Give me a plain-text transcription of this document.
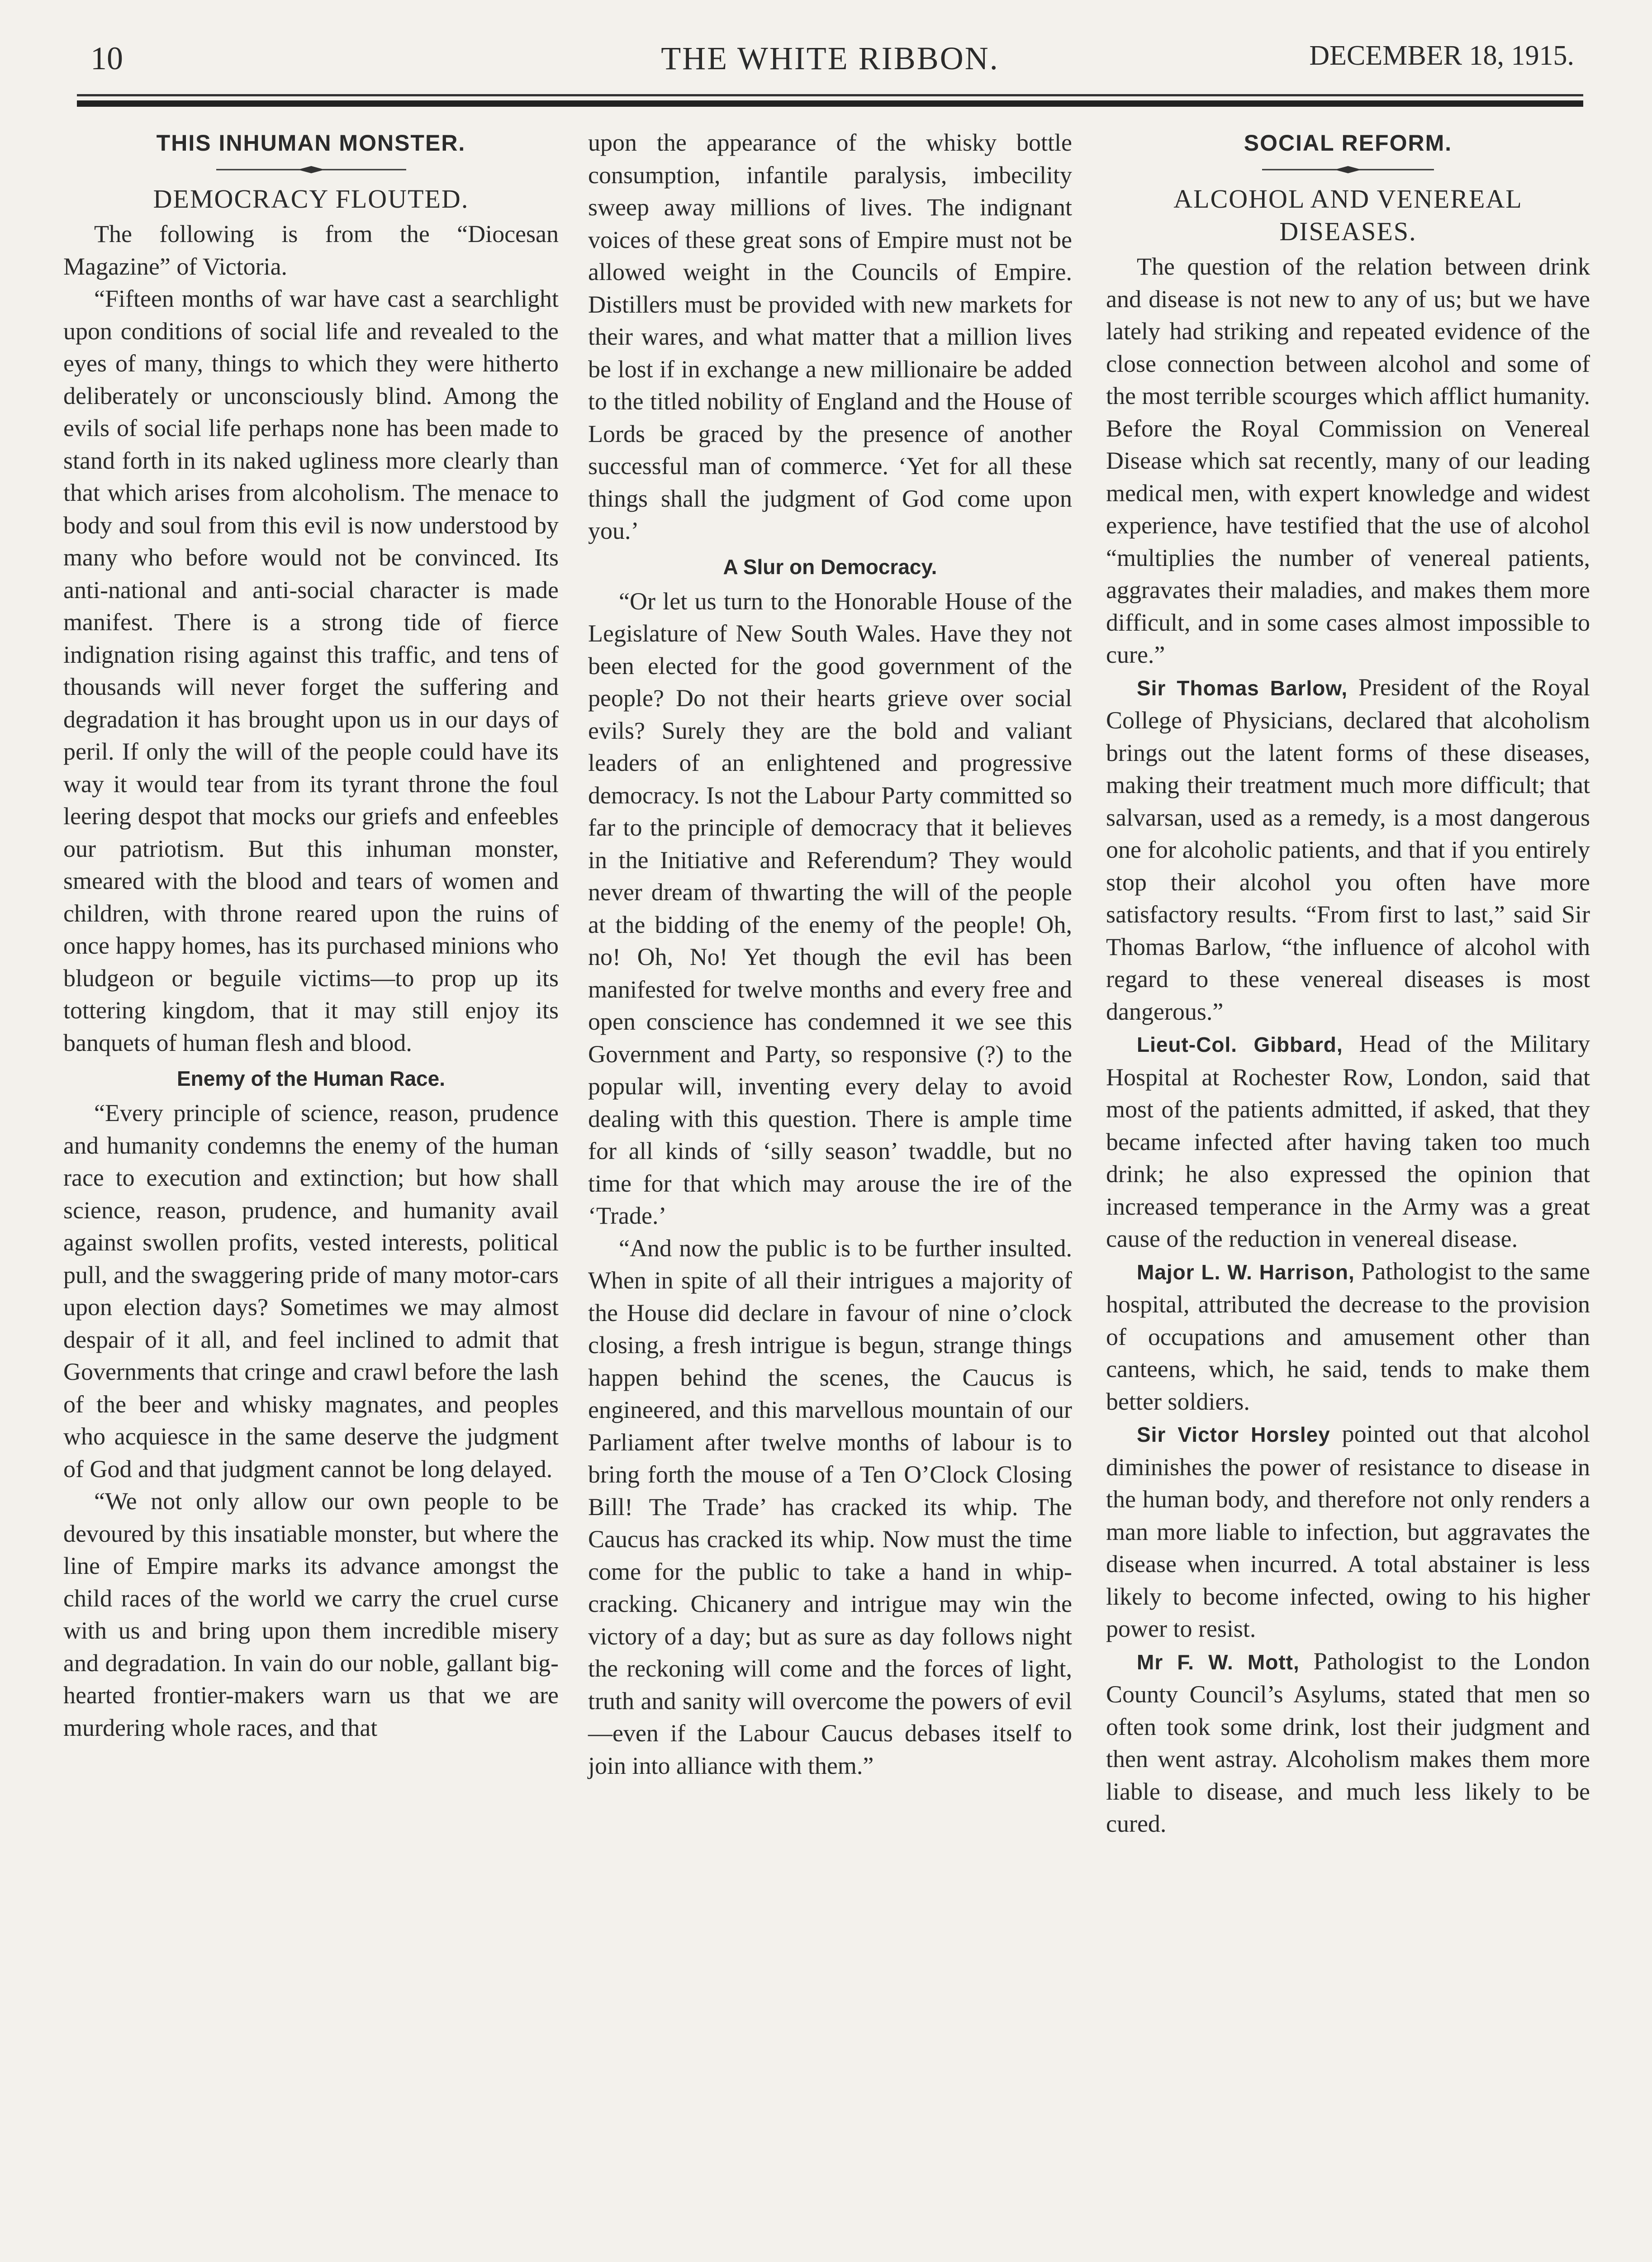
10	THE WHITE RIBBON.	DECEMBER 18, 1915.
THIS INHUMAN MONSTER.
DEMOCRACY FLOUTED.

The following is from the “Diocesan Magazine” of Victoria.

“Fifteen months of war have cast a searchlight upon conditions of social life and revealed to the eyes of many, things to which they were hitherto deliberately or unconsciously blind. Among the evils of social life perhaps none has been made to stand forth in its naked ugliness more clearly than that which arises from alcoholism. The menace to body and soul from this evil is now understood by many who before would not be convinced. Its anti-national and anti-social character is made manifest. There is a strong tide of fierce indignation rising against this traffic, and tens of thousands will never forget the suffering and degradation it has brought upon us in our days of peril. If only the will of the people could have its way it would tear from its tyrant throne the foul leering despot that mocks our griefs and enfeebles our patriotism. But this inhuman monster, smeared with the blood and tears of women and children, with throne reared upon the ruins of once happy homes, has its purchased minions who bludgeon or beguile victims—to prop up its tottering kingdom, that it may still enjoy its banquets of human flesh and blood.

Enemy of the Human Race.

“Every principle of science, reason, prudence and humanity condemns the enemy of the human race to execution and extinction; but how shall science, reason, prudence, and humanity avail against swollen profits, vested interests, political pull, and the swaggering pride of many motor-cars upon election days? Sometimes we may almost despair of it all, and feel inclined to admit that Governments that cringe and crawl before the lash of the beer and whisky magnates, and peoples who acquiesce in the same deserve the judgment of God and that judgment cannot be long delayed.

“We not only allow our own people to be devoured by this insatiable monster, but where the line of Empire marks its advance amongst the child races of the world we carry the cruel curse with us and bring upon them incredible misery and degradation. In vain do our noble, gallant big-hearted frontier-makers warn us that we are murdering whole races, and that

upon the appearance of the whisky bottle consumption, infantile paralysis, imbecility sweep away millions of lives. The indignant voices of these great sons of Empire must not be allowed weight in the Councils of Empire. Distillers must be provided with new markets for their wares, and what matter that a million lives be lost if in exchange a new millionaire be added to the titled nobility of England and the House of Lords be graced by the presence of another successful man of commerce. ‘Yet for all these things shall the judgment of God come upon you.’

A Slur on Democracy.

“Or let us turn to the Honorable House of the Legislature of New South Wales. Have they not been elected for the good government of the people? Do not their hearts grieve over social evils? Surely they are the bold and valiant leaders of an enlightened and progressive democracy. Is not the Labour Party committed so far to the principle of democracy that it believes in the Initiative and Referendum? They would never dream of thwarting the will of the people at the bidding of the enemy of the people! Oh, no! Oh, No! Yet though the evil has been manifested for twelve months and every free and open conscience has condemned it we see this Government and Party, so responsive (?) to the popular will, inventing every delay to avoid dealing with this question. There is ample time for all kinds of ‘silly season’ twaddle, but no time for that which may arouse the ire of the ‘Trade.’

“And now the public is to be further insulted. When in spite of all their intrigues a majority of the House did declare in favour of nine o’clock closing, a fresh intrigue is begun, strange things happen behind the scenes, the Caucus is engineered, and this marvellous mountain of our Parliament after twelve months of labour is to bring forth the mouse of a Ten O’Clock Closing Bill! The Trade’ has cracked its whip. The Caucus has cracked its whip. Now must the time come for the public to take a hand in whip-cracking. Chicanery and intrigue may win the victory of a day; but as sure as day follows night the reckoning will come and the forces of light, truth and sanity will overcome the powers of evil—even if the Labour Caucus debases itself to join into alliance with them.”

SOCIAL REFORM.
ALCOHOL AND VENEREAL DISEASES.

The question of the relation between drink and disease is not new to any of us; but we have lately had striking and repeated evidence of the close connection between alcohol and some of the most terrible scourges which afflict humanity. Before the Royal Commission on Venereal Disease which sat recently, many of our leading medical men, with expert knowledge and widest experience, have testified that the use of alcohol “multiplies the number of venereal patients, aggravates their maladies, and makes them more difficult, and in some cases almost impossible to cure.”

Sir Thomas Barlow, President of the Royal College of Physicians, declared that alcoholism brings out the latent forms of these diseases, making their treatment much more difficult; that salvarsan, used as a remedy, is a most dangerous one for alcoholic patients, and that if you entirely stop their alcohol you often have more satisfactory results. “From first to last,” said Sir Thomas Barlow, “the influence of alcohol with regard to these venereal diseases is most dangerous.”

Lieut-Col. Gibbard, Head of the Military Hospital at Rochester Row, London, said that most of the patients admitted, if asked, that they became infected after having taken too much drink; he also expressed the opinion that increased temperance in the Army was a great cause of the reduction in venereal disease.

Major L. W. Harrison, Pathologist to the same hospital, attributed the decrease to the provision of occupations and amusement other than canteens, which, he said, tends to make them better soldiers.

Sir Victor Horsley pointed out that alcohol diminishes the power of resistance to disease in the human body, and therefore not only renders a man more liable to infection, but aggravates the disease when incurred. A total abstainer is less likely to become infected, owing to his higher power to resist.

Mr F. W. Mott, Pathologist to the London County Council’s Asylums, stated that men so often took some drink, lost their judgment and then went astray. Alcoholism makes them more liable to disease, and much less likely to be cured.
